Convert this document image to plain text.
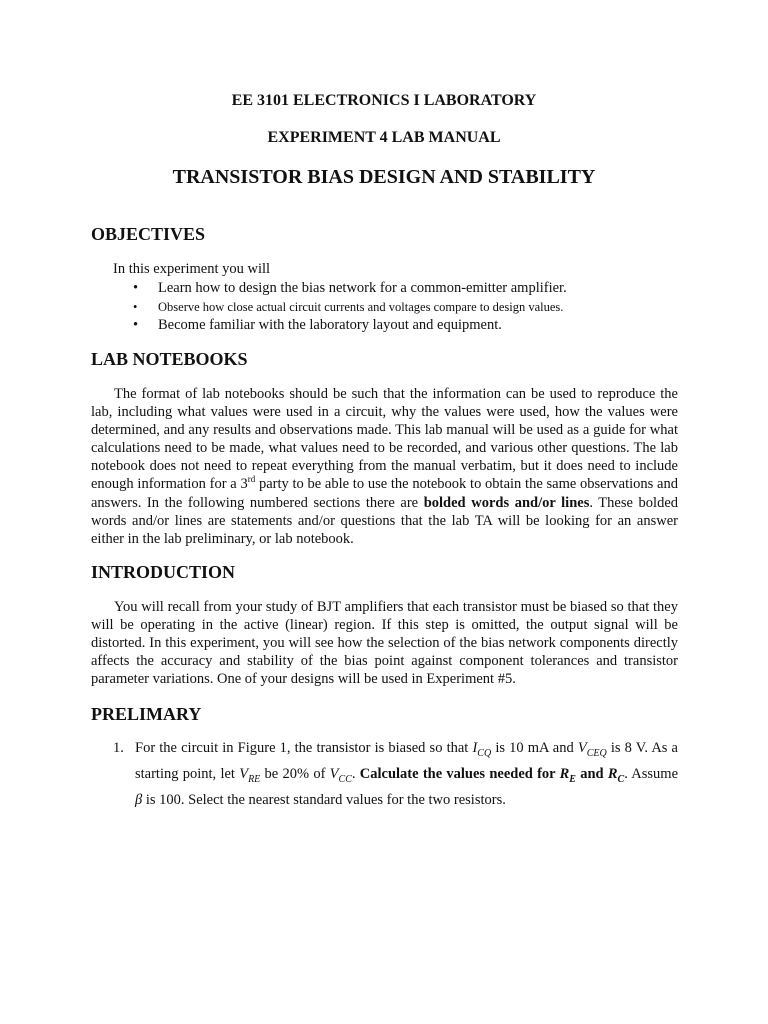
EE 3101 ELECTRONICS I LABORATORY
EXPERIMENT 4 LAB MANUAL
TRANSISTOR BIAS DESIGN AND STABILITY
OBJECTIVES
In this experiment you will
• Learn how to design the bias network for a common-emitter amplifier.
• Observe how close actual circuit currents and voltages compare to design values.
• Become familiar with the laboratory layout and equipment.
LAB NOTEBOOKS

The format of lab notebooks should be such that the information can be used to reproduce the lab, including what values were used in a circuit, why the values were used, how the values were determined, and any results and observations made. This lab manual will be used as a guide for what calculations need to be made, what values need to be recorded, and various other questions. The lab notebook does not need to repeat everything from the manual verbatim, but it does need to include enough information for a 3rd party to be able to use the notebook to obtain the same observations and answers. In the following numbered sections there are bolded words and/or lines. These bolded words and/or lines are statements and/or questions that the lab TA will be looking for an answer either in the lab preliminary, or lab notebook.

INTRODUCTION

You will recall from your study of BJT amplifiers that each transistor must be biased so that they will be operating in the active (linear) region. If this step is omitted, the output signal will be distorted. In this experiment, you will see how the selection of the bias network components directly affects the accuracy and stability of the bias point against component tolerances and transistor parameter variations. One of your designs will be used in Experiment #5.

PRELIMARY
1. For the circuit in Figure 1, the transistor is biased so that $I_{CQ}$ is 10 mA and $V_{CEQ}$ is 8 V. As a starting point, let $V_{RE}$ be 20% of $V_{CC}$. Calculate the values needed for $R_E$ and $R_C$. Assume β is 100. Select the nearest standard values for the two resistors.
